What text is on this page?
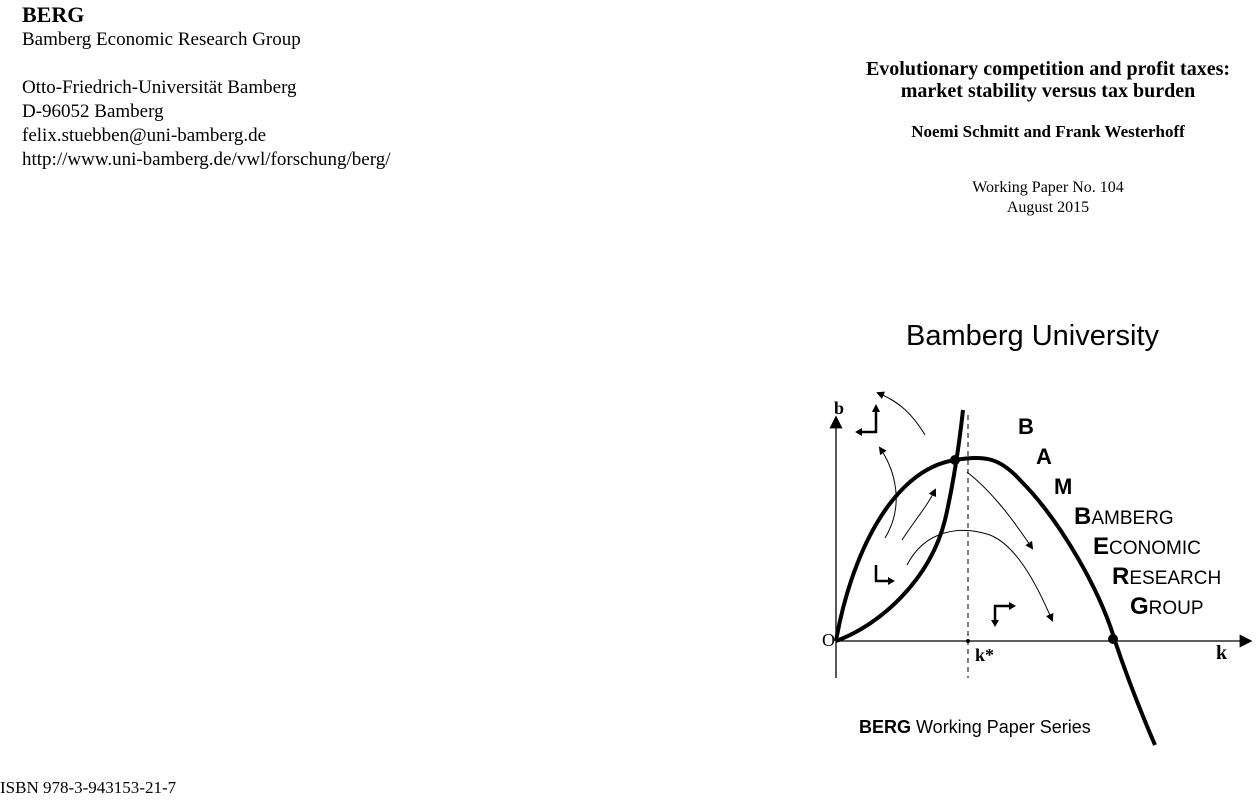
BERG
Bamberg Economic Research Group
Otto-Friedrich-Universität Bamberg
D-96052 Bamberg
felix.stuebben@uni-bamberg.de
http://www.uni-bamberg.de/vwl/forschung/berg/
Evolutionary competition and profit taxes:
market stability versus tax burden
Noemi Schmitt and Frank Westerhoff
Working Paper No. 104
August 2015
Bamberg University
b
O
k*	k
B
A
M
BAMBERG
ECONOMIC
RESEARCH
GROUP
BERG Working Paper Series
ISBN 978-3-943153-21-7
